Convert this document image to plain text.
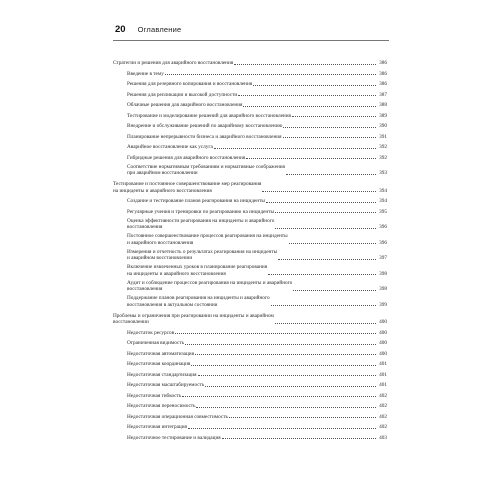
20 Оглавление
Стратегии и решения для аварийного восстановления	386
Введение в тему	386
Решения для резервного копирования и восстановления	386
Решения для репликации и высокой доступности	387
Облачные решения для аварийного восстановления	388
Тестирование и моделирование решений для аварийного восстановления	389
Внедрение и обслуживание решений по аварийному восстановлению	390
Планирование непрерывности бизнеса и аварийного восстановления	391
Аварийное восстановление как услуга	392
Гибридные решения для аварийного восстановления	392
Соответствие нормативным требованиям и нормативные соображения
при аварийном восстановлении	393
Тестирование и постоянное совершенствование мер реагирования
на инциденты и аварийного восстановления	394
Создание и тестирование планов реагирования на инциденты	394
Регулярные учения и тренировки по реагированию на инциденты	395
Оценка эффективности реагирования на инциденты и аварийного
восстановления	396
Постоянное совершенствование процессов реагирования на инциденты
и аварийного восстановления	396
Измерения и отчетность о результатах реагирования на инциденты
и аварийном восстановлении	397
Включение извлеченных уроков в планирование реагирования
на инциденты и аварийного восстановления	398
Аудит и соблюдение процессов реагирования на инциденты и аварийного
восстановления	398
Поддержание планов реагирования на инциденты и аварийного
восстановления в актуальном состоянии	399
Проблемы и ограничения при реагировании на инциденты и аварийном
восстановлении	400
Недостаток ресурсов	400
Ограниченная видимость	400
Недостаточная автоматизация	400
Недостаточная координация	401
Недостаточная стандартизация	401
Недостаточная масштабируемость	401
Недостаточная гибкость	402
Недостаточная переносимость	402
Недостаточная операционная совместимость	402
Недостаточная интеграция	402
Недостаточное тестирование и валидация	403
